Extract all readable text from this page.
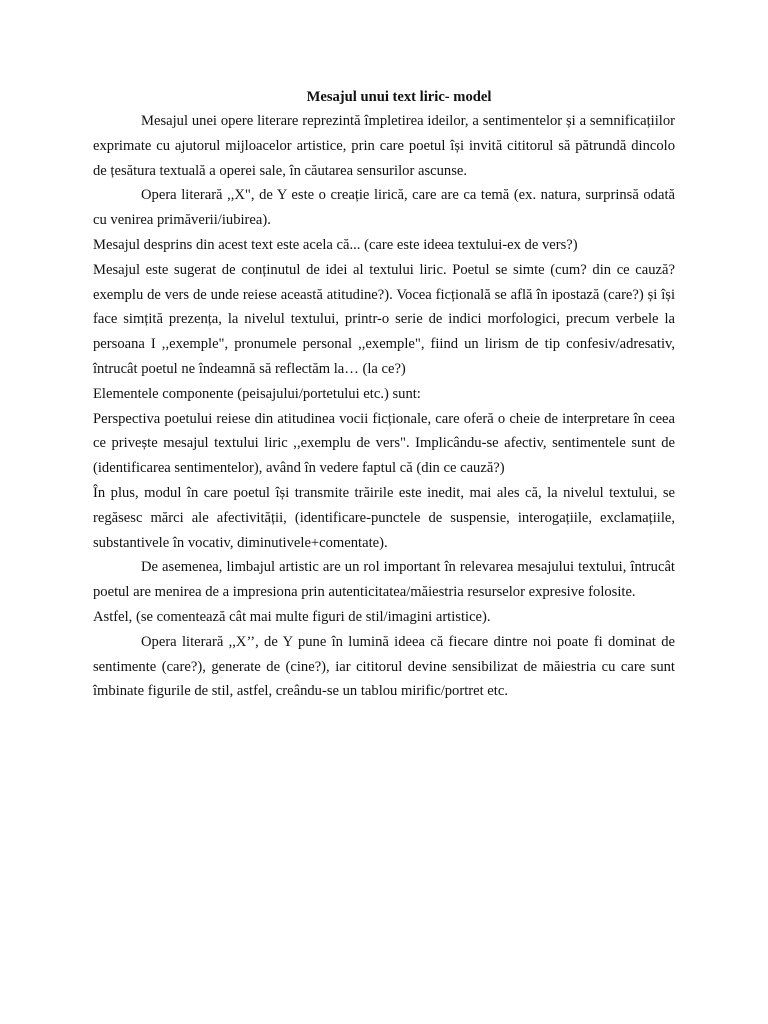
Mesajul unui text liric- model

Mesajul unei opere literare reprezintă împletirea ideilor, a sentimentelor și a semnificațiilor exprimate cu ajutorul mijloacelor artistice, prin care poetul își invită cititorul să pătrundă dincolo de țesătura textuală a operei sale, în căutarea sensurilor ascunse.

Opera literară ,,X", de Y este o creație lirică, care are ca temă (ex. natura, surprinsă odată cu venirea primăverii/iubirea).

Mesajul desprins din acest text este acela că... (care este ideea textului-ex de vers?)

Mesajul este sugerat de conținutul de idei al textului liric. Poetul se simte (cum? din ce cauză? exemplu de vers de unde reiese această atitudine?). Vocea ficțională se află în ipostază (care?) și își face simțită prezența, la nivelul textului, printr-o serie de indici morfologici, precum verbele la persoana I ,,exemple", pronumele personal ,,exemple", fiind un lirism de tip confesiv/adresativ, întrucât poetul ne îndeamnă să reflectăm la… (la ce?)

Elementele componente (peisajului/portetului etc.) sunt:

Perspectiva poetului reiese din atitudinea vocii ficționale, care oferă o cheie de interpretare în ceea ce privește mesajul textului liric ,,exemplu de vers". Implicându-se afectiv, sentimentele sunt de (identificarea sentimentelor), având în vedere faptul că (din ce cauză?)

În plus, modul în care poetul își transmite trăirile este inedit, mai ales că, la nivelul textului, se regăsesc mărci ale afectivității, (identificare-punctele de suspensie, interogațiile, exclamațiile, substantivele în vocativ, diminutivele+comentate).

De asemenea, limbajul artistic are un rol important în relevarea mesajului textului, întrucât poetul are menirea de a impresiona prin autenticitatea/măiestria resurselor expresive folosite.

Astfel, (se comentează cât mai multe figuri de stil/imagini artistice).

Opera literară ,,X’’, de Y pune în lumină ideea că fiecare dintre noi poate fi dominat de sentimente (care?), generate de (cine?), iar cititorul devine sensibilizat de măiestria cu care sunt îmbinate figurile de stil, astfel, creându-se un tablou mirific/portret etc.
